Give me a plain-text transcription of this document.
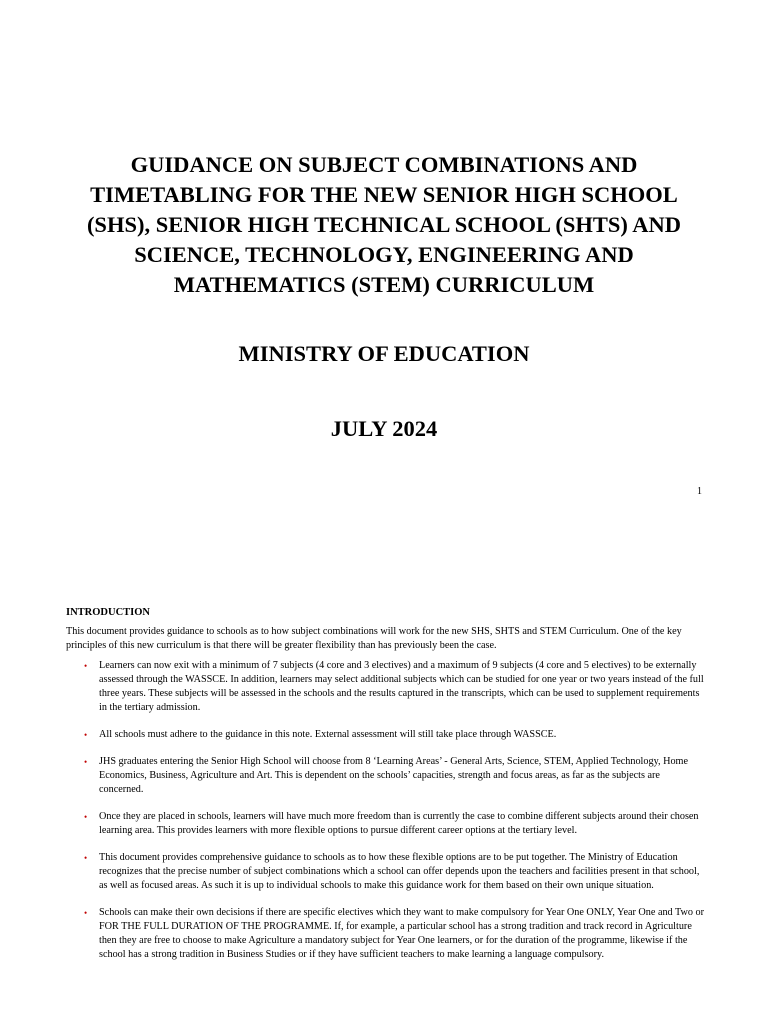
GUIDANCE ON SUBJECT COMBINATIONS AND TIMETABLING FOR THE NEW SENIOR HIGH SCHOOL (SHS), SENIOR HIGH TECHNICAL SCHOOL (SHTS) AND SCIENCE, TECHNOLOGY, ENGINEERING AND MATHEMATICS (STEM) CURRICULUM
MINISTRY OF EDUCATION
JULY 2024
1
INTRODUCTION

This document provides guidance to schools as to how subject combinations will work for the new SHS, SHTS and STEM Curriculum. One of the key principles of this new curriculum is that there will be greater flexibility than has previously been the case.

• Learners can now exit with a minimum of 7 subjects (4 core and 3 electives) and a maximum of 9 subjects (4 core and 5 electives) to be externally assessed through the WASSCE. In addition, learners may select additional subjects which can be studied for one year or two years instead of the full three years. These subjects will be assessed in the schools and the results captured in the transcripts, which can be used to supplement requirements in the tertiary admission.
• All schools must adhere to the guidance in this note. External assessment will still take place through WASSCE.
• JHS graduates entering the Senior High School will choose from 8 ‘Learning Areas’ - General Arts, Science, STEM, Applied Technology, Home Economics, Business, Agriculture and Art. This is dependent on the schools’ capacities, strength and focus areas, as far as the subjects are concerned.
• Once they are placed in schools, learners will have much more freedom than is currently the case to combine different subjects around their chosen learning area. This provides learners with more flexible options to pursue different career options at the tertiary level.
• This document provides comprehensive guidance to schools as to how these flexible options are to be put together. The Ministry of Education recognizes that the precise number of subject combinations which a school can offer depends upon the teachers and facilities present in that school, as well as focused areas. As such it is up to individual schools to make this guidance work for them based on their own unique situation.
• Schools can make their own decisions if there are specific electives which they want to make compulsory for Year One ONLY, Year One and Two or FOR THE FULL DURATION OF THE PROGRAMME. If, for example, a particular school has a strong tradition and track record in Agriculture then they are free to choose to make Agriculture a mandatory subject for Year One learners, or for the duration of the programme, likewise if the school has a strong tradition in Business Studies or if they have sufficient teachers to make learning a language compulsory.
